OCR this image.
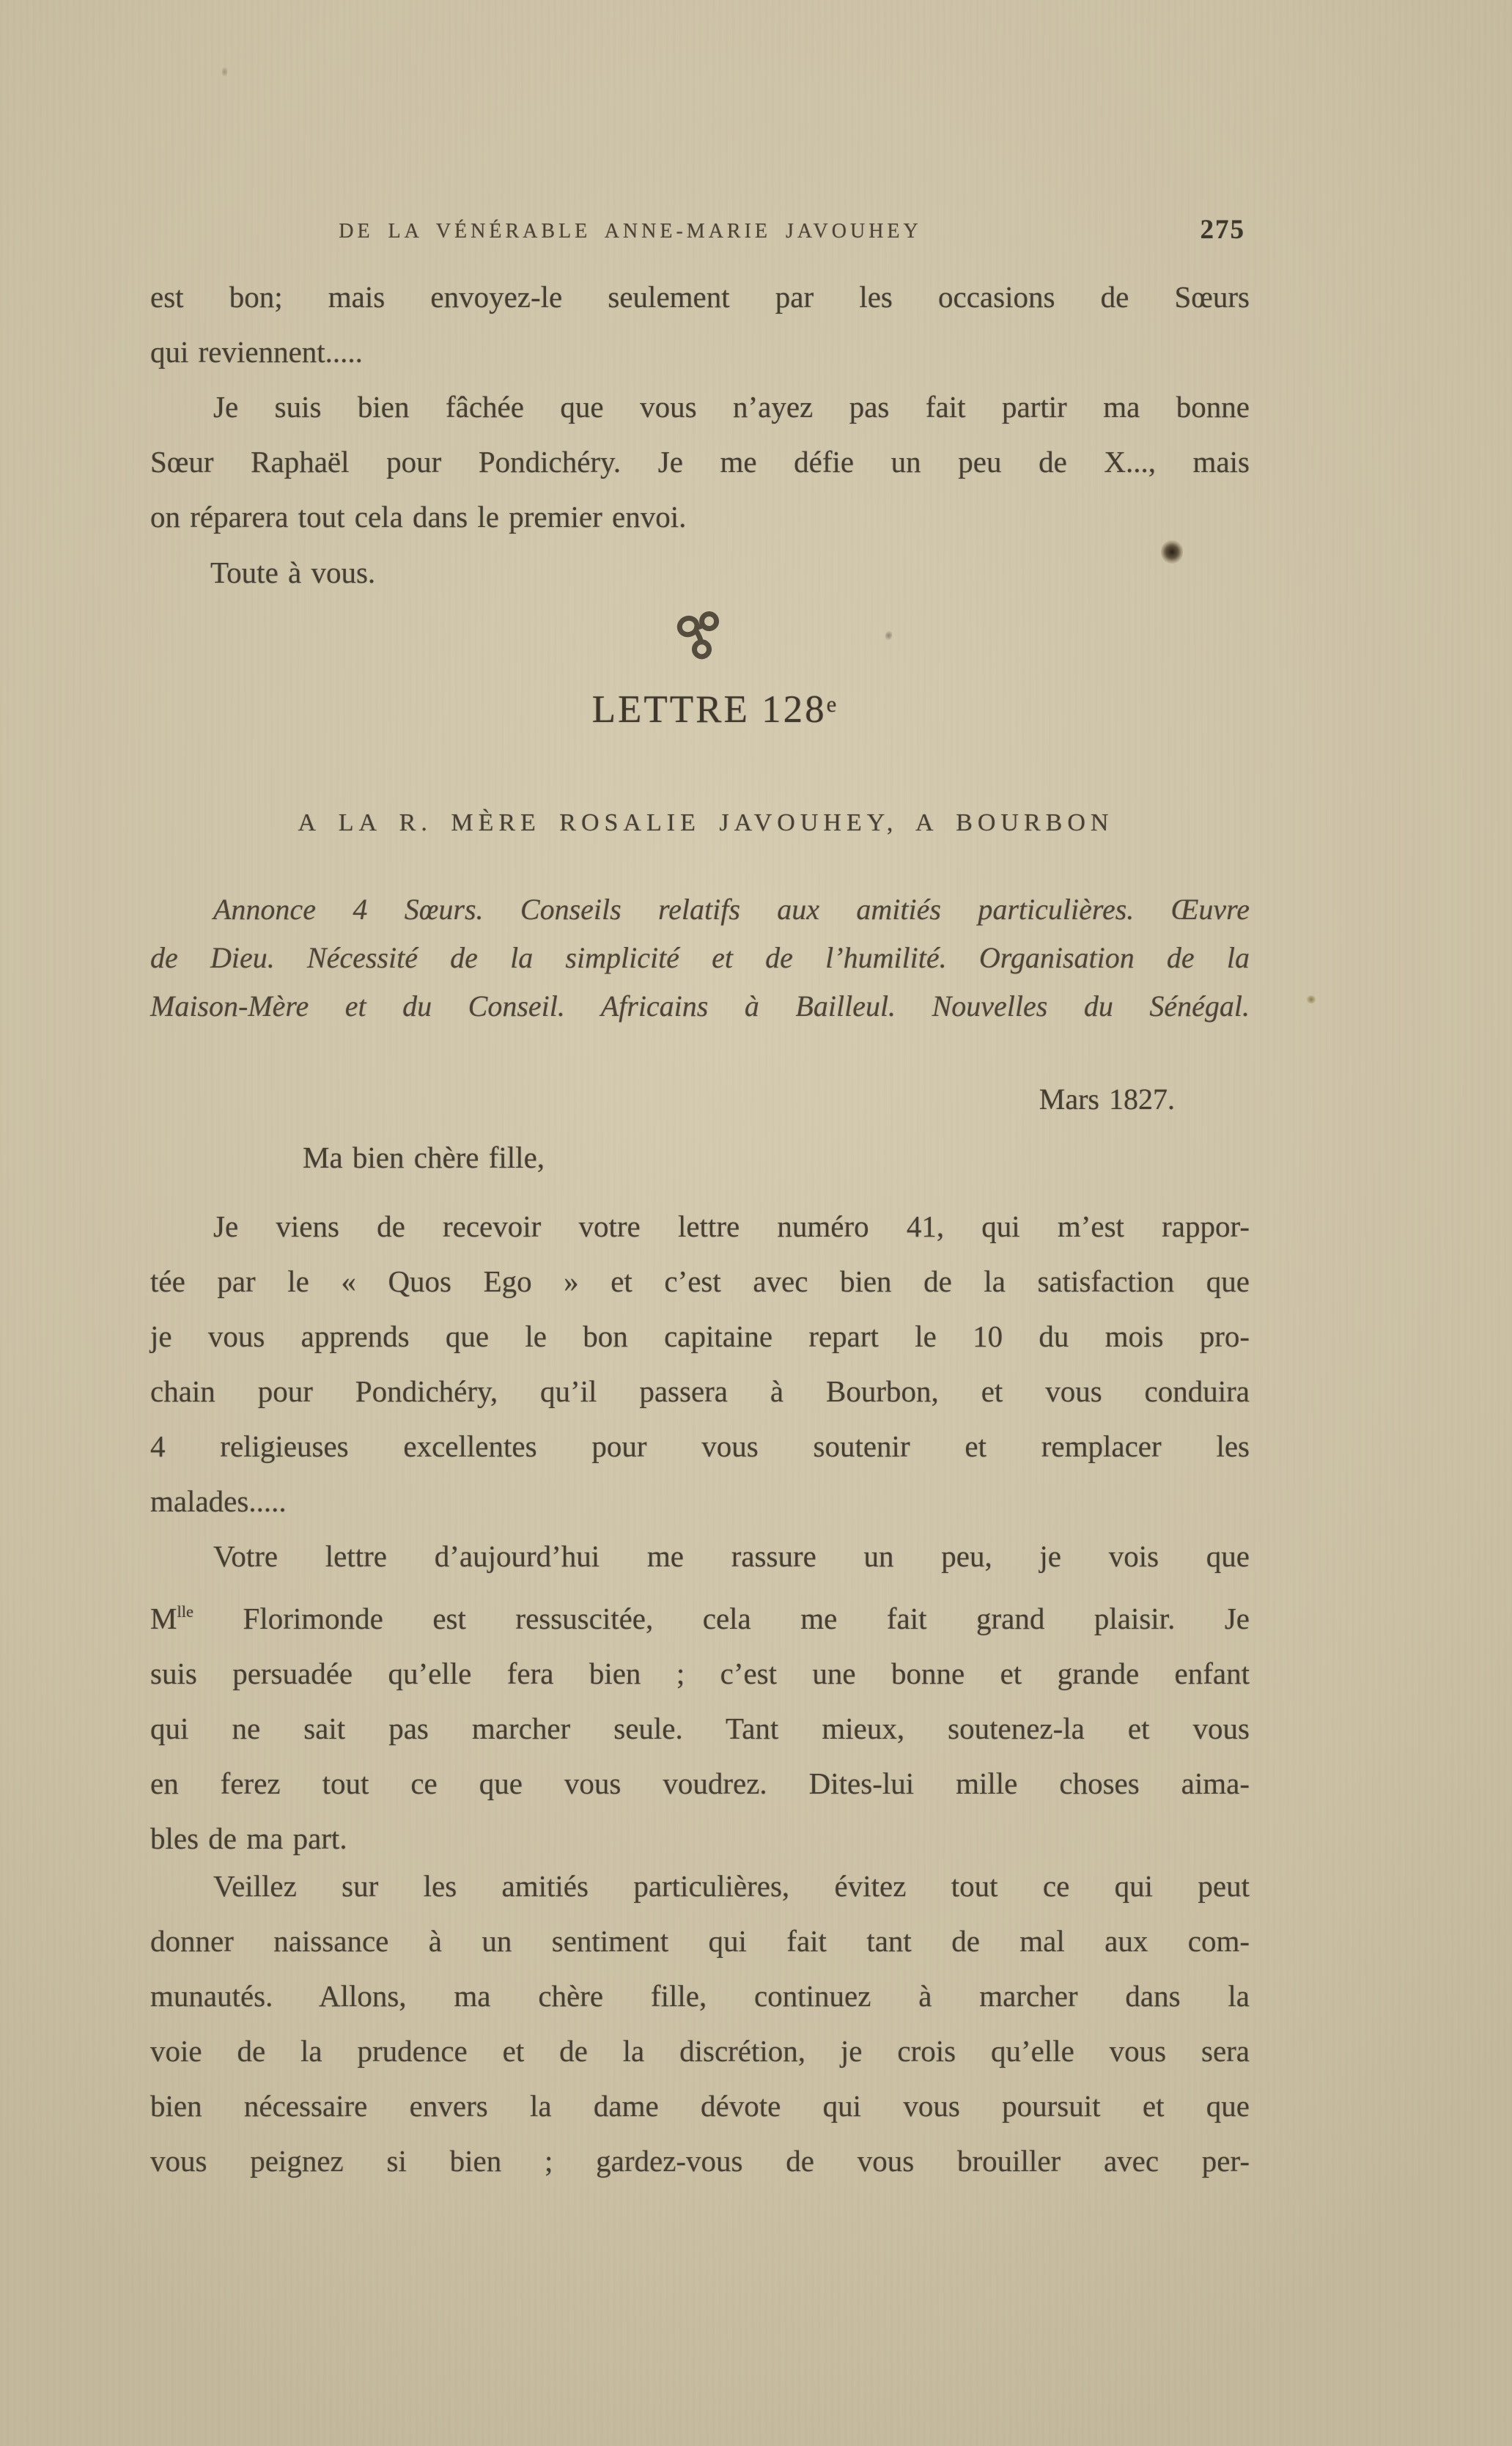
DE LA VÉNÉRABLE ANNE-MARIE JAVOUHEY	275
est bon; mais envoyez-le seulement par les occasions de Sœurs
qui reviennent.....
Je suis bien fâchée que vous n’ayez pas fait partir ma bonne
Sœur Raphaël pour Pondichéry. Je me défie un peu de X..., mais
on réparera tout cela dans le premier envoi.
Toute à vous.
LETTRE 128e
A LA R. MÈRE ROSALIE JAVOUHEY, A BOURBON
Annonce 4 Sœurs. Conseils relatifs aux amitiés particulières. Œuvre
de Dieu. Nécessité de la simplicité et de l’humilité. Organisation de la
Maison-Mère et du Conseil. Africains à Bailleul. Nouvelles du Sénégal.
Mars 1827.
Ma bien chère fille,
Je viens de recevoir votre lettre numéro 41, qui m’est rappor-
tée par le « Quos Ego » et c’est avec bien de la satisfaction que
je vous apprends que le bon capitaine repart le 10 du mois pro-
chain pour Pondichéry, qu’il passera à Bourbon, et vous conduira
4 religieuses excellentes pour vous soutenir et remplacer les
malades.....
Votre lettre d’aujourd’hui me rassure un peu, je vois que
$M^{lle}$ Florimonde est ressuscitée, cela me fait grand plaisir. Je
suis persuadée qu’elle fera bien ; c’est une bonne et grande enfant
qui ne sait pas marcher seule. Tant mieux, soutenez-la et vous
en ferez tout ce que vous voudrez. Dites-lui mille choses aima-
bles de ma part.
Veillez sur les amitiés particulières, évitez tout ce qui peut
donner naissance à un sentiment qui fait tant de mal aux com-
munautés. Allons, ma chère fille, continuez à marcher dans la
voie de la prudence et de la discrétion, je crois qu’elle vous sera
bien nécessaire envers la dame dévote qui vous poursuit et que
vous peignez si bien ; gardez-vous de vous brouiller avec per-
